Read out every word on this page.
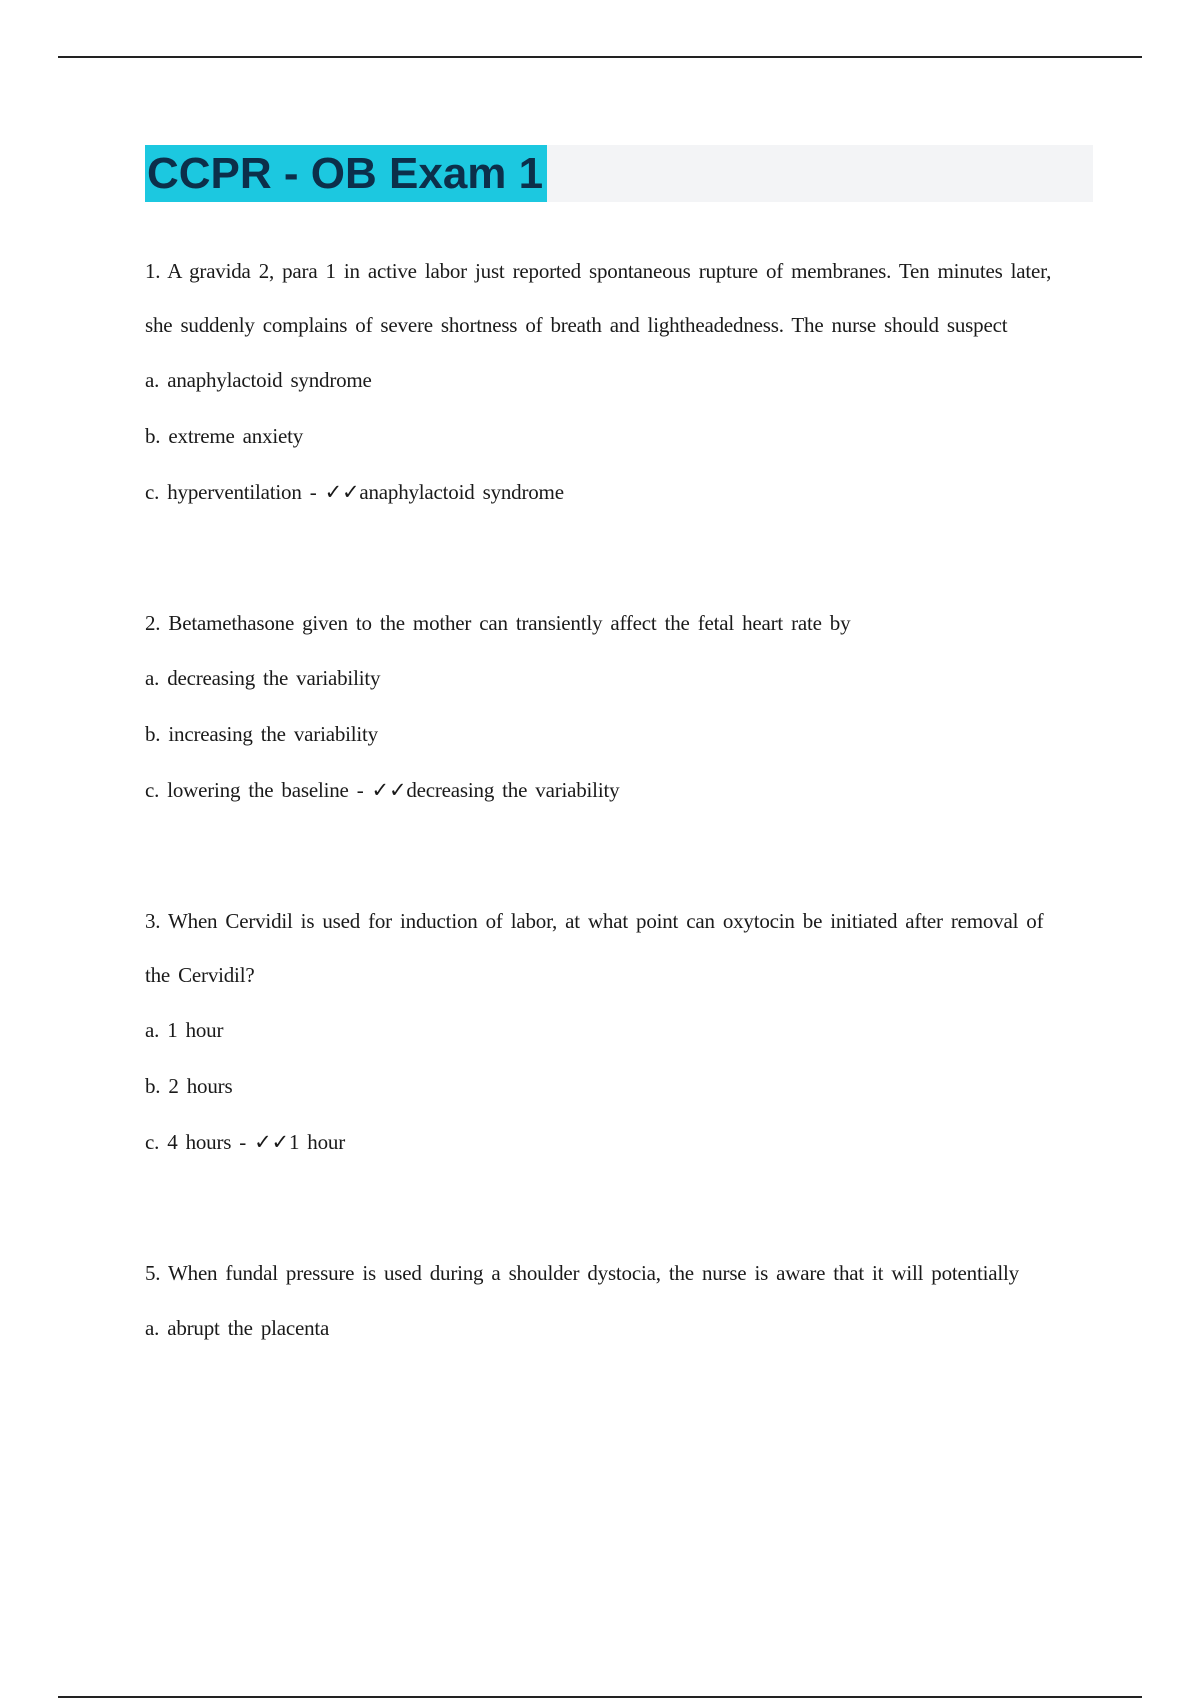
CCPR - OB Exam 1

1. A gravida 2, para 1 in active labor just reported spontaneous rupture of membranes. Ten minutes later, she suddenly complains of severe shortness of breath and lightheadedness. The nurse should suspect

a. anaphylactoid syndrome

b. extreme anxiety

c. hyperventilation - ✓✓anaphylactoid syndrome

2. Betamethasone given to the mother can transiently affect the fetal heart rate by

a. decreasing the variability

b. increasing the variability

c. lowering the baseline - ✓✓decreasing the variability

3. When Cervidil is used for induction of labor, at what point can oxytocin be initiated after removal of the Cervidil?

a. 1 hour

b. 2 hours

c. 4 hours - ✓✓1 hour

5. When fundal pressure is used during a shoulder dystocia, the nurse is aware that it will potentially

a. abrupt the placenta
